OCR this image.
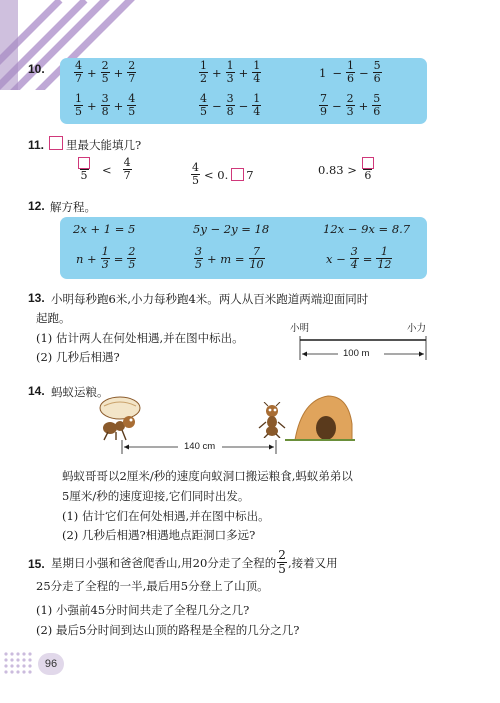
10.	$\frac{4}{7} + \frac{2}{5} + \frac{2}{7}$	$\frac{1}{2} + \frac{1}{3} + \frac{1}{4}$	$1 - \frac{1}{6} - \frac{5}{6}$
$\frac{1}{5} + \frac{3}{8} + \frac{4}{5}$	$\frac{4}{5} - \frac{3}{8} - \frac{1}{4}$	$\frac{7}{9} - \frac{2}{3} + \frac{5}{6}$
11. 里最大能填几?
$5 < \frac{4}{7}$	$\frac{4}{5} < 0$. 7	0.83 > 6
12. 解方程。
2x + 1 = 5	5y − 2y = 18	12x − 9x = 8.7
$n + \frac{1}{3} = \frac{2}{5}$	$\frac{3}{5} + m = \frac{7}{10}$	$x - \frac{3}{4} = \frac{1}{12}$
13. 小明每秒跑6米,小力每秒跑4米。两人从百米跑道两端迎面同时
起跑。
(1) 估计两人在何处相遇,并在图中标出。
(2) 几秒后相遇?
小明	小力
100 m
14. 蚂蚁运粮。
140 cm
蚂蚁哥哥以2厘米/秒的速度向蚁洞口搬运粮食,蚂蚁弟弟以
5厘米/秒的速度迎接,它们同时出发。
(1) 估计它们在何处相遇,并在图中标出。
(2) 几秒后相遇?相遇地点距洞口多远?
15. 星期日小强和爸爸爬香山,用20分走了全程的 $\frac{2}{5}$ ,接着又用
25分走了全程的一半,最后用5分登上了山顶。
(1) 小强前45分时间共走了全程几分之几?
(2) 最后5分时间到达山顶的路程是全程的几分之几?
96
